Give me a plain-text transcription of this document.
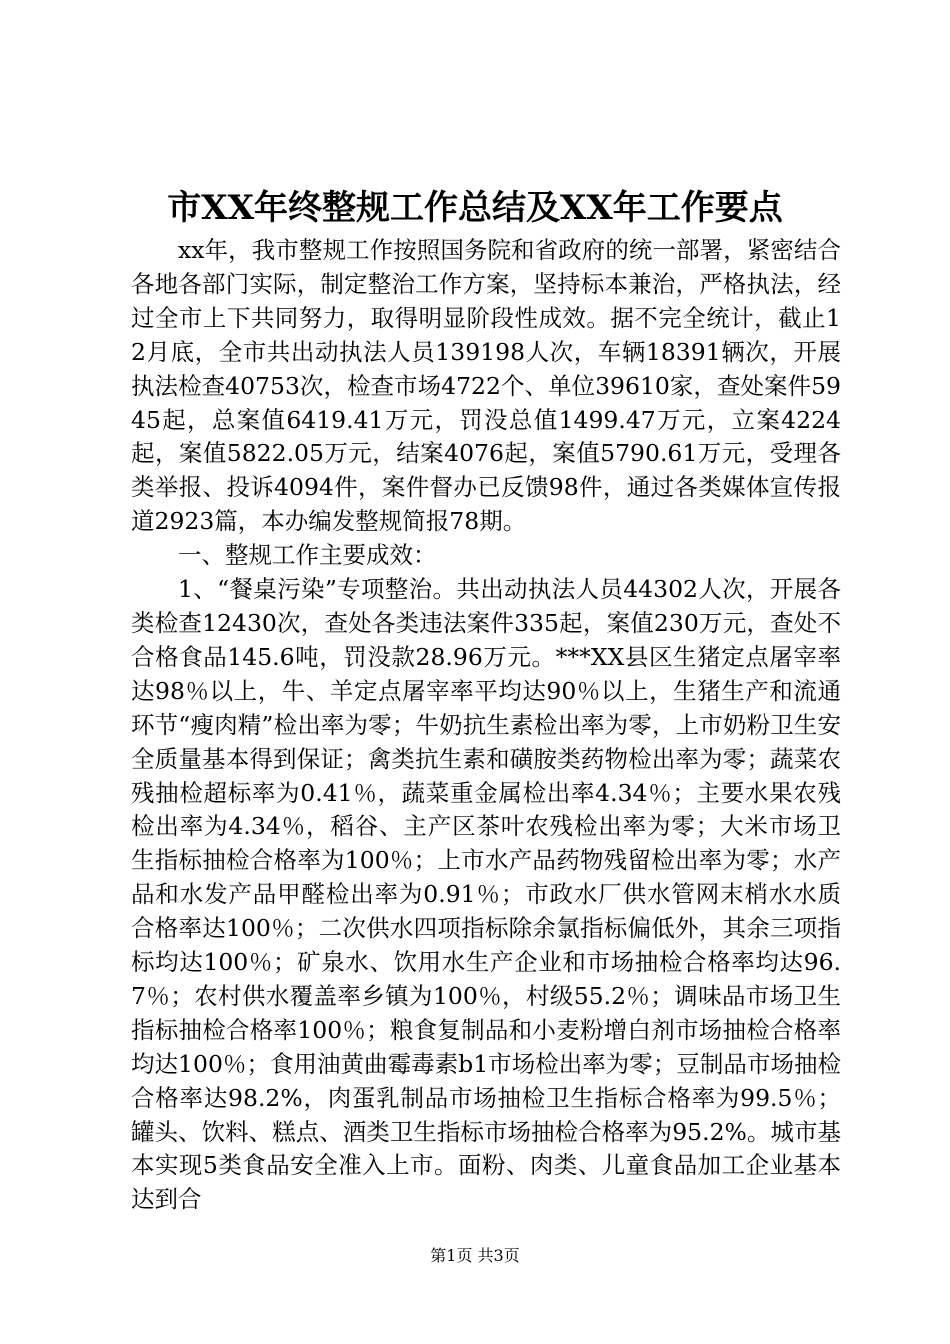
市XX年终整规工作总结及XX年工作要点

xx年，我市整规工作按照国务院和省政府的统一部署，紧密结合各地各部门实际，制定整治工作方案，坚持标本兼治，严格执法，经过全市上下共同努力，取得明显阶段性成效。据不完全统计，截止12月底，全市共出动执法人员139198人次，车辆18391辆次，开展执法检查40753次，检查市场4722个、单位39610家，查处案件5945起，总案值6419.41万元，罚没总值1499.47万元，立案4224起，案值5822.05万元，结案4076起，案值5790.61万元，受理各类举报、投诉4094件，案件督办已反馈98件，通过各类媒体宣传报道2923篇，本办编发整规简报78期。

一、整规工作主要成效：

1、“餐桌污染”专项整治。共出动执法人员44302人次，开展各类检查12430次，查处各类违法案件335起，案值230万元，查处不合格食品145.6吨，罚没款28.96万元。***XX县区生猪定点屠宰率达98％以上，牛、羊定点屠宰率平均达90％以上，生猪生产和流通环节“瘦肉精”检出率为零；牛奶抗生素检出率为零，上市奶粉卫生安全质量基本得到保证；禽类抗生素和磺胺类药物检出率为零；蔬菜农残抽检超标率为0.41％，蔬菜重金属检出率4.34％；主要水果农残检出率为4.34％，稻谷、主产区茶叶农残检出率为零；大米市场卫生指标抽检合格率为100％；上市水产品药物残留检出率为零；水产品和水发产品甲醛检出率为0.91％；市政水厂供水管网末梢水水质合格率达100％；二次供水四项指标除余氯指标偏低外，其余三项指标均达100％；矿泉水、饮用水生产企业和市场抽检合格率均达96.7％；农村供水覆盖率乡镇为100％，村级55.2％；调味品市场卫生指标抽检合格率100％；粮食复制品和小麦粉增白剂市场抽检合格率均达100％；食用油黄曲霉毒素b1市场检出率为零；豆制品市场抽检合格率达98.2%，肉蛋乳制品市场抽检卫生指标合格率为99.5％；罐头、饮料、糕点、酒类卫生指标市场抽检合格率为95.2%。城市基本实现5类食品安全准入上市。面粉、肉类、儿童食品加工企业基本达到合

第1页 共3页
